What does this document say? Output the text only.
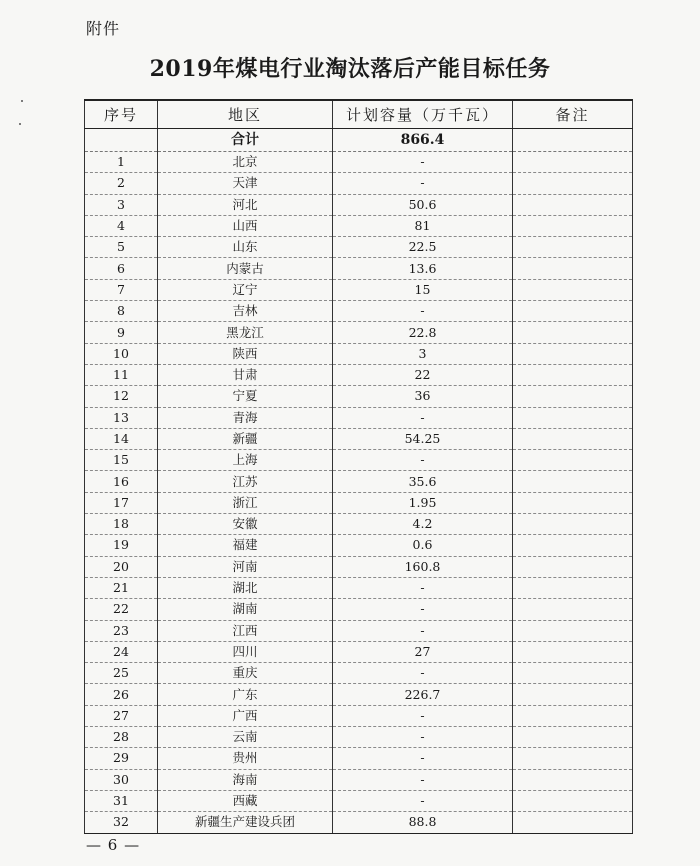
附件
2019年煤电行业淘汰落后产能目标任务
序号	地区	计划容量（万千瓦）	备注
	合计	866.4	
1	北京	-	
2	天津	-	
3	河北	50.6	
4	山西	81	
5	山东	22.5	
6	内蒙古	13.6	
7	辽宁	15	
8	吉林	-	
9	黑龙江	22.8	
10	陕西	3	
11	甘肃	22	
12	宁夏	36	
13	青海	-	
14	新疆	54.25	
15	上海	-	
16	江苏	35.6	
17	浙江	1.95	
18	安徽	4.2	
19	福建	0.6	
20	河南	160.8	
21	湖北	-	
22	湖南	-	
23	江西	-	
24	四川	27	
25	重庆	-	
26	广东	226.7	
27	广西	-	
28	云南	-	
29	贵州	-	
30	海南	-	
31	西藏	-	
32	新疆生产建设兵团	88.8	
— 6 —
